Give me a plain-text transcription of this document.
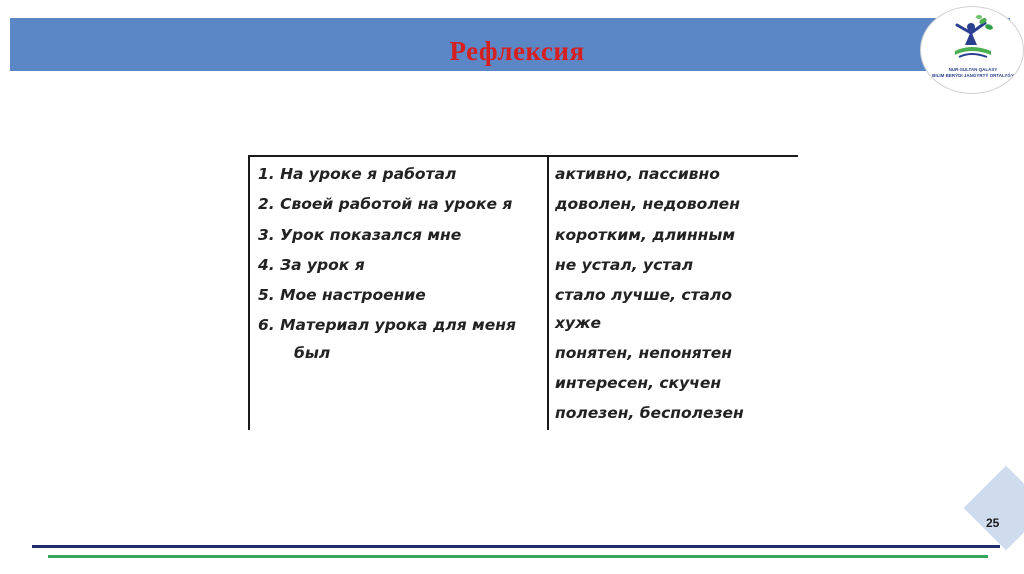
Рефлексия
NUR-SULTAN QALASY
BILIM BERÝDI JANǴYRTÝ ORTALYǴY
1. На уроке я работал
2. Своей работой на уроке я
3. Урок показался мне
4. За урок я
5. Мое настроение
6. Материал урока для меня
был
активно, пассивно
доволен, недоволен
коротким, длинным
не устал, устал
стало лучше, стало
хуже
понятен, непонятен
интересен, скучен
полезен, бесполезен
25
